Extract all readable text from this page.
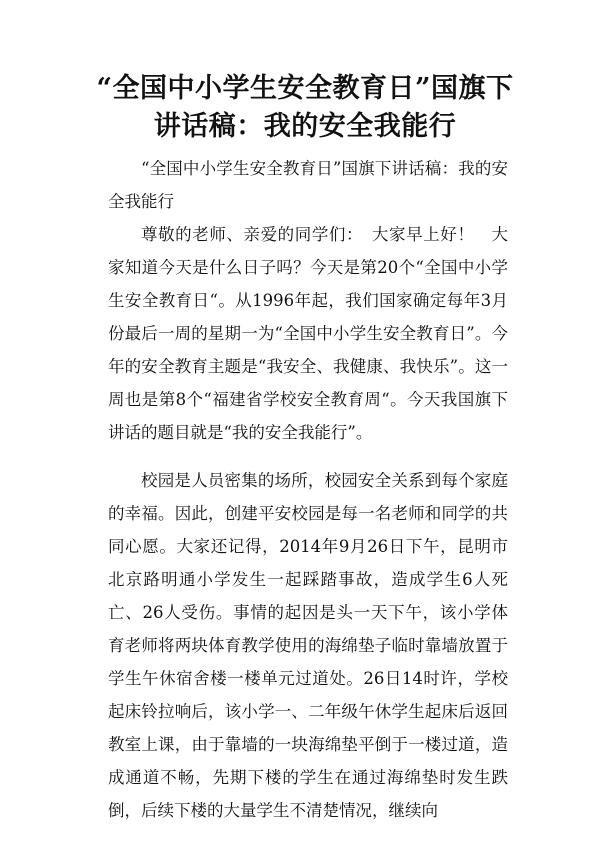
“全国中小学生安全教育日”国旗下讲话稿：我的安全我能行

“全国中小学生安全教育日”国旗下讲话稿：我的安全我能行

尊敬的老师、亲爱的同学们：　大家早上好！　大家知道今天是什么日子吗？今天是第20个“全国中小学生安全教育日“。从1996年起，我们国家确定每年3月份最后一周的星期一为“全国中小学生安全教育日”。今年的安全教育主题是“我安全、我健康、我快乐”。这一周也是第8个“福建省学校安全教育周“。今天我国旗下讲话的题目就是“我的安全我能行”。

校园是人员密集的场所，校园安全关系到每个家庭的幸福。因此，创建平安校园是每一名老师和同学的共同心愿。大家还记得，2014年9月26日下午，昆明市北京路明通小学发生一起踩踏事故，造成学生6人死亡、26人受伤。事情的起因是头一天下午，该小学体育老师将两块体育教学使用的海绵垫子临时靠墙放置于学生午休宿舍楼一楼单元过道处。26日14时许，学校起床铃拉响后，该小学一、二年级午休学生起床后返回教室上课，由于靠墙的一块海绵垫平倒于一楼过道，造成通道不畅，先期下楼的学生在通过海绵垫时发生跌倒，后续下楼的大量学生不清楚情况，继续向
